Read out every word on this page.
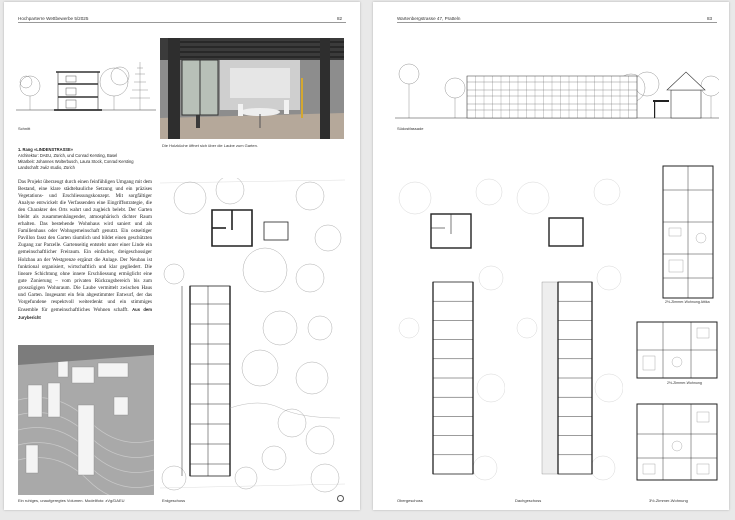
Hochparterre Wettbewerbe 5/2025	82
Schnitt
Die Holzküche öffnet sich über die Laube zum Garten.
1. Rang «LINDENSTRASSE»
Architektur: DAEU, Zürich, und Conrad Kersting, Basel
Mitarbeit: Johannes Wolterbusch, Laura Stock, Conrad Kersting
Landschaft: zwiiz studio, Zürich
Das Projekt überzeugt durch einen feinfühligen Umgang mit dem Bestand, eine klare städtebauliche Setzung und ein präzises Vegetations- und Erschliessungskonzept. Mit sorgfältiger Analyse entwickelt die Verfassenden eine Eingriffsstrategie, die den Charakter des Orts wahrt und zugleich belebt. Der Garten bleibt als zusammenhängender, atmosphärisch dichter Raum erhalten. Das bestehende Wohnhaus wird saniert und als Familienhaus oder Wohngemeinschaft genutzt. Ein ostseitiger Pavillon fasst den Garten räumlich und bildet einen geschützten Zugang zur Parzelle. Gartenseitig entsteht unter einer Linde ein gemeinschaftlicher Freiraum. Ein einfacher, dreigeschossiger Holzbau an der Westgrenze ergänzt die Anlage. Der Neubau ist funktional organisiert, wirtschaftlich und klar gegliedert. Die lineare Schichtung ohne innere Erschliessung ermöglicht eine gute Zonierung – vom privaten Rückzugsbereich bis zum grosszügigen Wohnraum. Die Laube vermittelt zwischen Haus und Garten. Insgesamt ein fein abgestimmter Entwurf, der das Vorgefundene respektvoll weiterdenkt und ein stimmiges Ensemble für gemeinschaftliches Wohnen schafft. Aus dem Jurybericht
Ein ruhiges, unaufgeregtes Volumen. Modellfoto: zVg/DAEU	Erdgeschoss
Wartenbergstrasse 47, Pratteln	83
Südostfassade
Obergeschoss	Dachgeschoss
2½-Zimmer-Wohnung Attika
2½-Zimmer-Wohnung
3½-Zimmer-Wohnung
